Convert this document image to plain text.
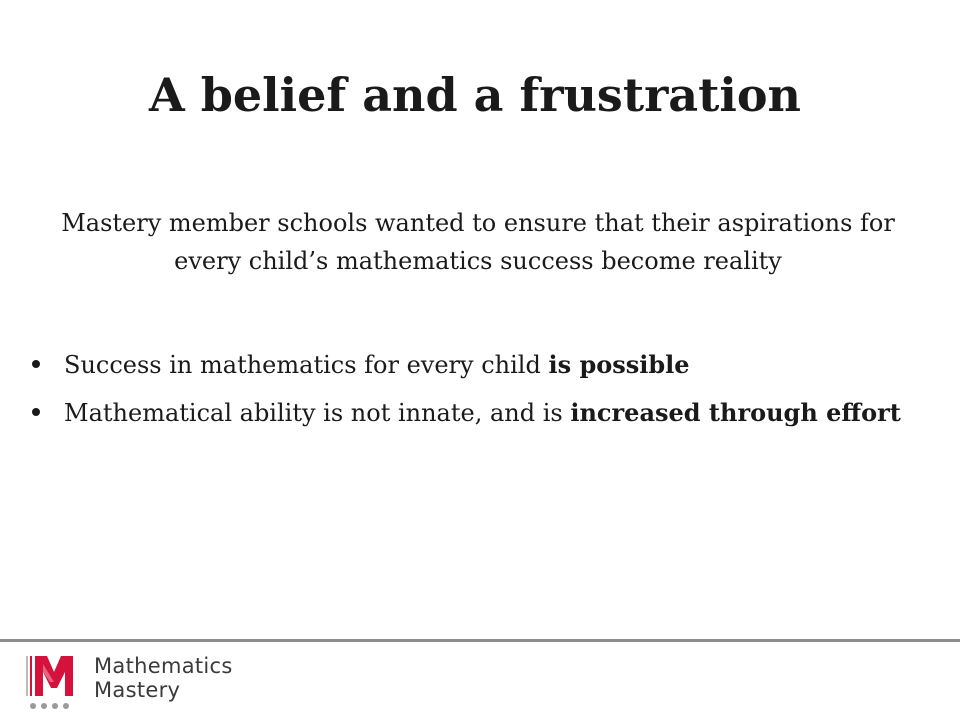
A belief and a frustration

Mastery member schools wanted to ensure that their aspirations for every child’s mathematics success become reality

Success in mathematics for every child is possible
Mathematical ability is not innate, and is increased through effort
Mathematics
Mastery
